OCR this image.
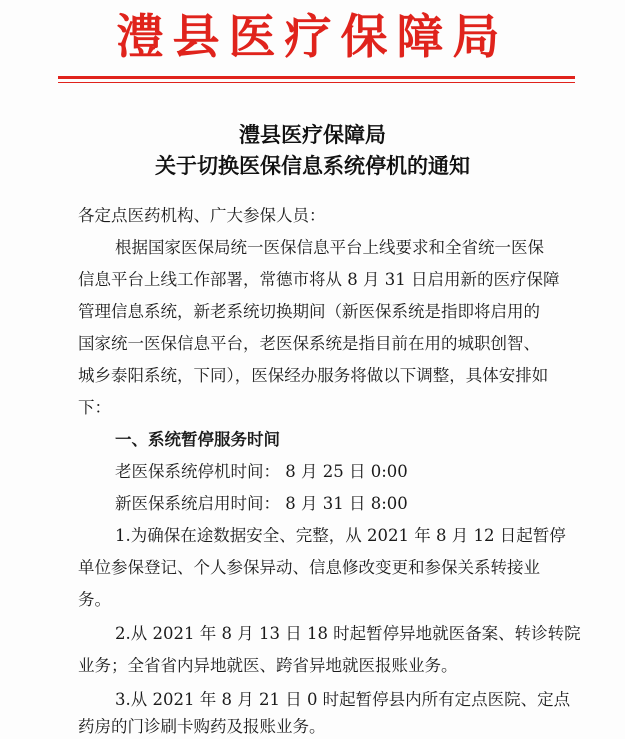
澧县医疗保障局
澧县医疗保障局
关于切换医保信息系统停机的通知
各定点医药机构、广大参保人员：
根据国家医保局统一医保信息平台上线要求和全省统一医保
信息平台上线工作部署，常德市将从 8 月 31 日启用新的医疗保障
管理信息系统，新老系统切换期间（新医保系统是指即将启用的
国家统一医保信息平台，老医保系统是指目前在用的城职创智、
城乡泰阳系统，下同），医保经办服务将做以下调整，具体安排如
下：
一、系统暂停服务时间
老医保系统停机时间： 8 月 25 日 0:00
新医保系统启用时间： 8 月 31 日 8:00
1.为确保在途数据安全、完整，从 2021 年 8 月 12 日起暂停
单位参保登记、个人参保异动、信息修改变更和参保关系转接业
务。
2.从 2021 年 8 月 13 日 18 时起暂停异地就医备案、转诊转院
业务；全省省内异地就医、跨省异地就医报账业务。
3.从 2021 年 8 月 21 日 0 时起暂停县内所有定点医院、定点
药房的门诊刷卡购药及报账业务。
